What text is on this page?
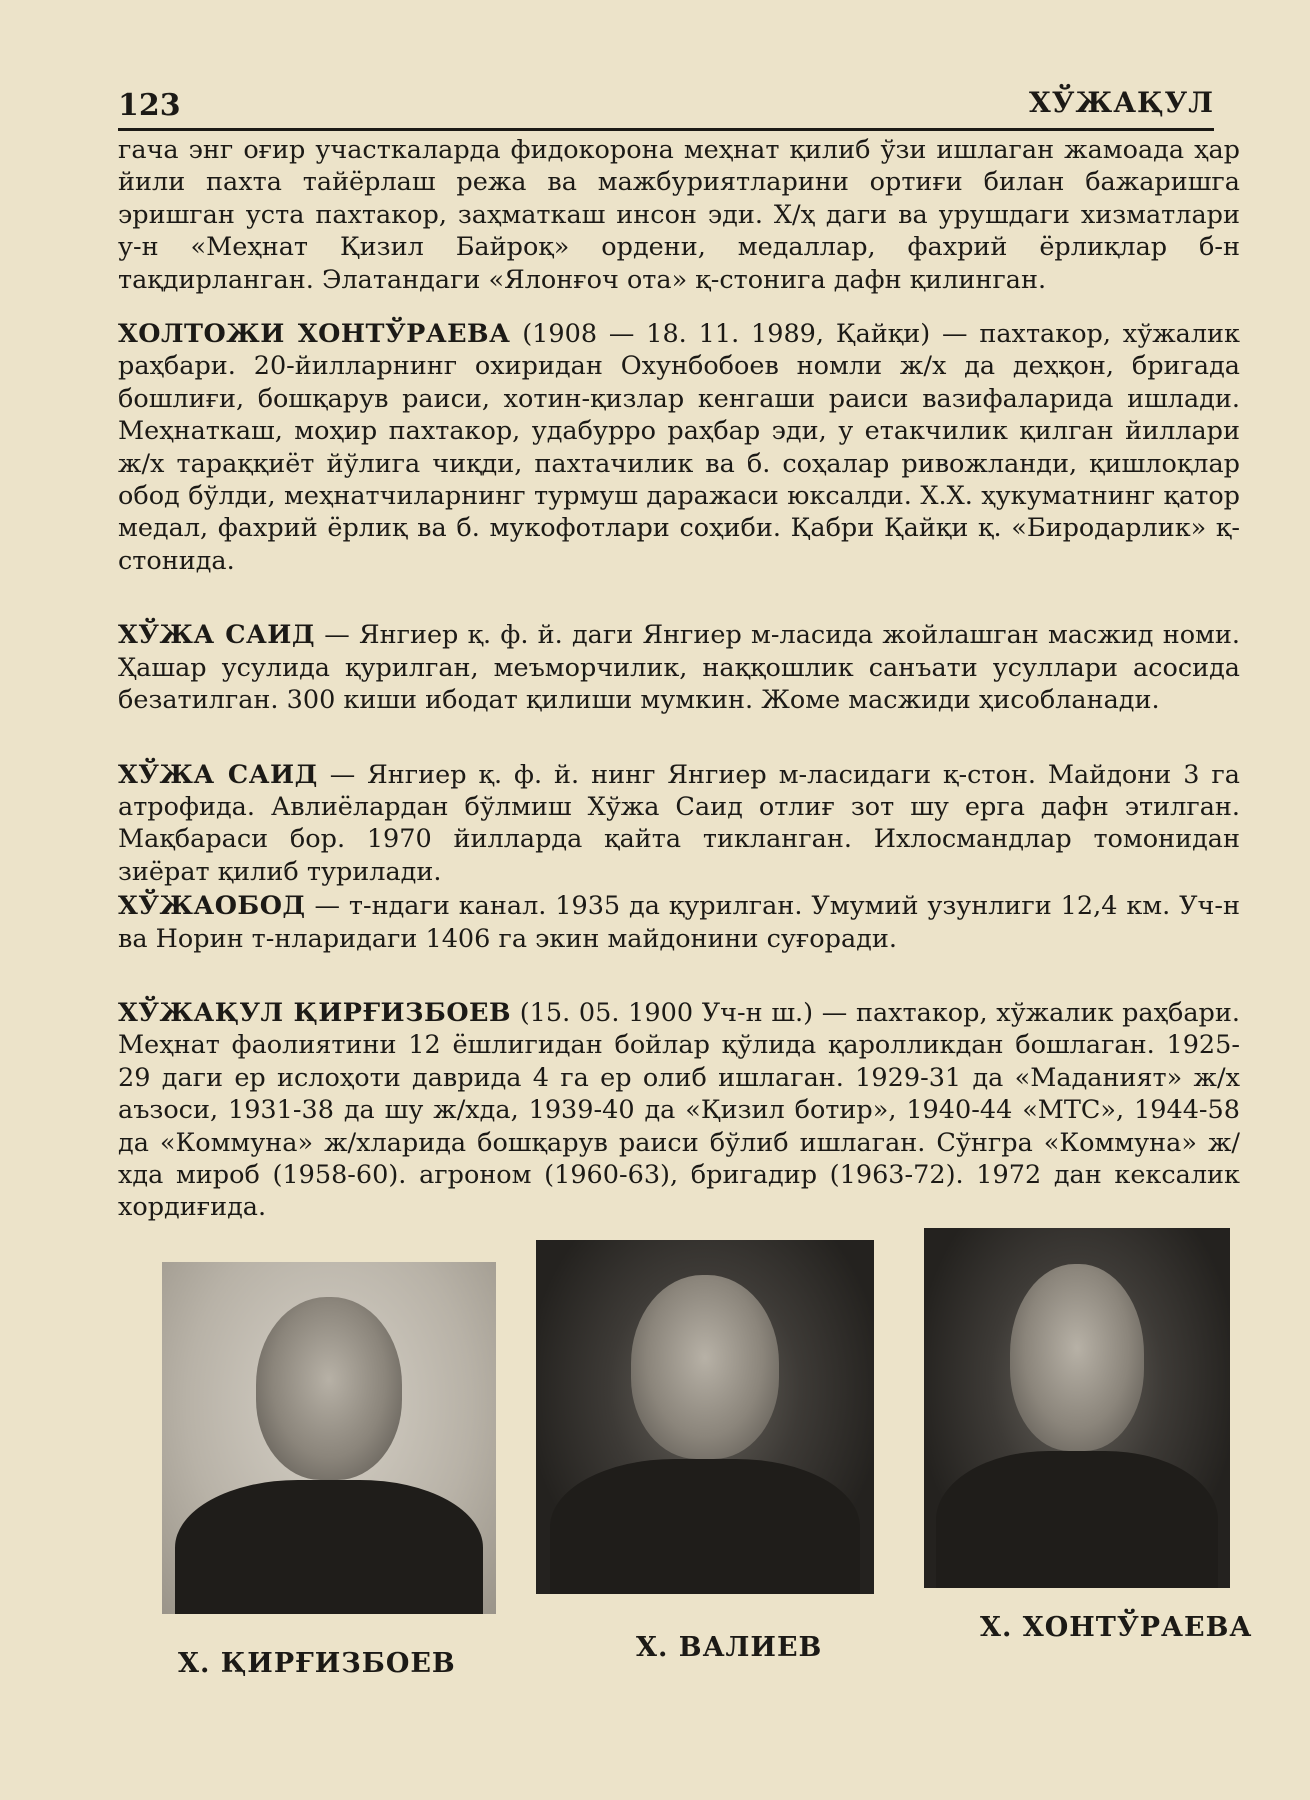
123	ХЎЖАҚУЛ

гача энг оғир участкаларда фидокорона меҳнат қилиб ўзи ишлаган жамоада ҳар йили пахта тайёрлаш режа ва мажбуриятларини ортиғи билан бажаришга эришган уста пахтакор, заҳматкаш инсон эди. Х/ҳ даги ва урушдаги хизматлари у-н «Меҳнат Қизил Байроқ» ордени, медаллар, фахрий ёрлиқлар б-н тақдирланган. Элатандаги «Ялонғоч ота» қ-стонига дафн қилинган.

ХОЛТОЖИ ХОНТЎРАЕВА (1908 — 18. 11. 1989, Қайқи) — пахтакор, хўжалик раҳбари. 20-йилларнинг охиридан Охунбобоев номли ж/х да деҳқон, бригада бошлиғи, бошқарув раиси, хотин-қизлар кенгаши раиси вазифаларида ишлади. Меҳнаткаш, моҳир пахтакор, удабурро раҳбар эди, у етакчилик қилган йиллари ж/х тараққиёт йўлига чиқди, пахтачилик ва б. соҳалар ривожланди, қишлоқлар обод бўлди, меҳнатчиларнинг турмуш даражаси юксалди. Х.Х. ҳукуматнинг қатор медал, фахрий ёрлиқ ва б. мукофотлари соҳиби. Қабри Қайқи қ. «Биродарлик» қ-стонида.

ХЎЖА САИД — Янгиер қ. ф. й. даги Янгиер м-ласида жойлашган масжид номи. Ҳашар усулида қурилган, меъморчилик, наққошлик санъати усуллари асосида безатилган. 300 киши ибодат қилиши мумкин. Жоме масжиди ҳисобланади.

ХЎЖА САИД — Янгиер қ. ф. й. нинг Янгиер м-ласидаги қ-стон. Майдони 3 га атрофида. Авлиёлардан бўлмиш Хўжа Саид отлиғ зот шу ерга дафн этилган. Мақбараси бор. 1970 йилларда қайта тикланган. Ихлосмандлар томонидан зиёрат қилиб турилади.

ХЎЖАОБОД — т-ндаги канал. 1935 да қурилган. Умумий узунлиги 12,4 км. Уч-н ва Норин т-нларидаги 1406 га экин майдонини суғоради.

ХЎЖАҚУЛ ҚИРҒИЗБОЕВ (15. 05. 1900 Уч-н ш.) — пахтакор, хўжалик раҳбари. Меҳнат фаолиятини 12 ёшлигидан бойлар қўлида қаролликдан бошлаган. 1925-29 даги ер ислоҳоти даврида 4 га ер олиб ишлаган. 1929-31 да «Маданият» ж/х аъзоси, 1931-38 да шу ж/хда, 1939-40 да «Қизил ботир», 1940-44 «МТС», 1944-58 да «Коммуна» ж/хларида бошқарув раиси бўлиб ишлаган. Сўнгра «Коммуна» ж/хда мироб (1958-60). агроном (1960-63), бригадир (1963-72). 1972 дан кексалик хордиғида.

Х. ҚИРҒИЗБОЕВ
Х. ВАЛИЕВ
Х. ХОНТЎРАЕВА
